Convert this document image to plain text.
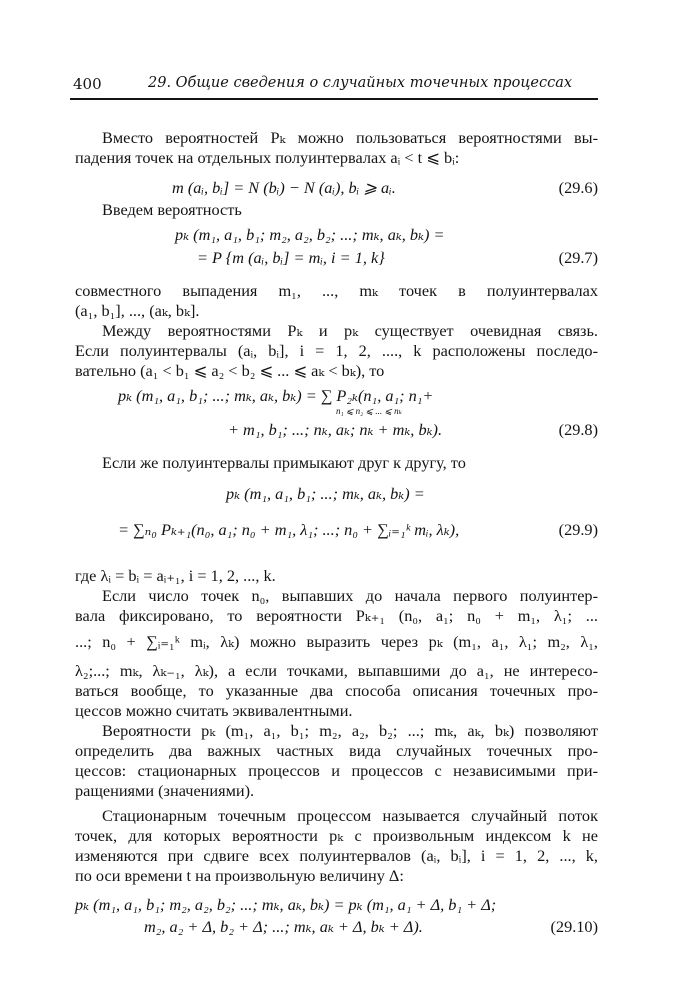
400	29. Общие сведения о случайных точечных процессах
Вместо вероятностей Pₖ можно пользоваться вероятностями вы-
падения точек на отдельных полуинтервалах aᵢ < t ⩽ bᵢ:
m (aᵢ, bᵢ] = N (bᵢ) − N (aᵢ), bᵢ ⩾ aᵢ.	(29.6)
Введем вероятность
pₖ (m₁, a₁, b₁; m₂, a₂, b₂; ...; mₖ, aₖ, bₖ) =
= P {m (aᵢ, bᵢ] = mᵢ, i = 1, k}	(29.7)
совместного выпадения m₁, ..., mₖ точек в полуинтервалах
(a₁, b₁], ..., (aₖ, bₖ].
Между вероятностями Pₖ и pₖ существует очевидная связь.
Если полуинтервалы (aᵢ, bᵢ], i = 1, 2, ...., k расположены последо-
вательно (a₁ < b₁ ⩽ a₂ < b₂ ⩽ ... ⩽ aₖ < bₖ), то
pₖ (m₁, a₁, b₁; ...; mₖ, aₖ, bₖ) = ∑ P₂ₖ(n₁, a₁; n₁+
n₁ ⩽ n₂ ⩽ ... ⩽ nₖ
+ m₁, b₁; ...; nₖ, aₖ; nₖ + mₖ, bₖ).	(29.8)
Если же полуинтервалы примыкают друг к другу, то
pₖ (m₁, a₁, b₁; ...; mₖ, aₖ, bₖ) =
= ∑ₙ₀ Pₖ₊₁(n₀, a₁; n₀ + m₁, λ₁; ...; n₀ + ∑ᵢ₌₁ᵏ mᵢ, λₖ),	(29.9)
где λᵢ = bᵢ = aᵢ₊₁, i = 1, 2, ..., k.
Если число точек n₀, выпавших до начала первого полуинтер-
вала фиксировано, то вероятности Pₖ₊₁ (n₀, a₁; n₀ + m₁, λ₁; ...
...; n₀ + ∑ᵢ₌₁ᵏ mᵢ, λₖ) можно выразить через pₖ (m₁, a₁, λ₁; m₂, λ₁,
λ₂;...; mₖ, λₖ₋₁, λₖ), а если точками, выпавшими до a₁, не интересо-
ваться вообще, то указанные два способа описания точечных про-
цессов можно считать эквивалентными.
Вероятности pₖ (m₁, a₁, b₁; m₂, a₂, b₂; ...; mₖ, aₖ, bₖ) позволяют
определить два важных частных вида случайных точечных про-
цессов: стационарных процессов и процессов с независимыми при-
ращениями (значениями).
Стационарным точечным процессом называется случайный поток
точек, для которых вероятности pₖ с произвольным индексом k не
изменяются при сдвиге всех полуинтервалов (aᵢ, bᵢ], i = 1, 2, ..., k,
по оси времени t на произвольную величину Δ:
pₖ (m₁, a₁, b₁; m₂, a₂, b₂; ...; mₖ, aₖ, bₖ) = pₖ (m₁, a₁ + Δ, b₁ + Δ;
m₂, a₂ + Δ, b₂ + Δ; ...; mₖ, aₖ + Δ, bₖ + Δ).	(29.10)
